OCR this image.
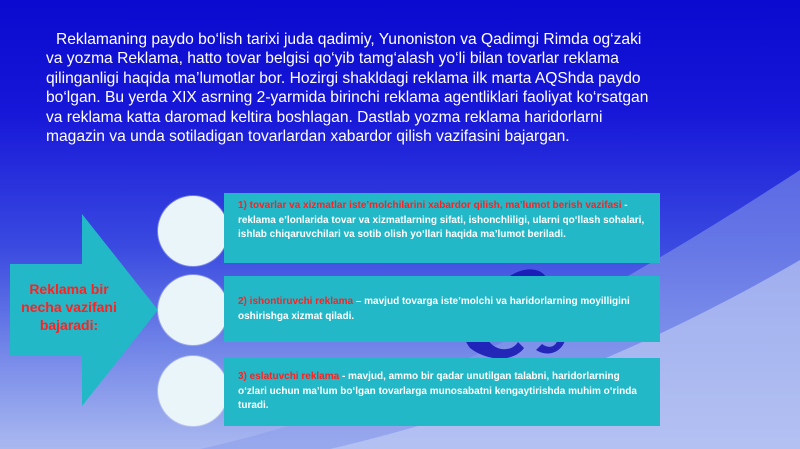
Reklamaning paydo bo‘lish tarixi juda qadimiy, Yunoniston va Qadimgi Rimda og‘zaki va yozma Reklama, hatto tovar belgisi qo‘yib tamg‘alash yo‘li bilan tovarlar reklama qilinganligi haqida ma’lumotlar bor. Hozirgi shakldagi reklama ilk marta AQShda paydo bo‘lgan. Bu yerda XIX asrning 2-yarmida birinchi reklama agentliklari faoliyat ko‘rsatgan va reklama katta daromad keltira boshlagan. Dastlab yozma reklama haridorlarni magazin va unda sotiladigan tovarlardan xabardor qilish vazifasini bajargan.

Reklama bir necha vazifani bajaradi:

1) tovarlar va xizmatlar iste’molchilarini xabardor qilish, ma’lumot berish vazifasi - reklama e’lonlarida tovar va xizmatlarning sifati, ishonchliligi, ularni qo‘llash sohalari, ishlab chiqaruvchilari va sotib olish yo‘llari haqida ma’lumot beriladi.

2) ishontiruvchi reklama – mavjud tovarga iste’molchi va haridorlarning moyilligini oshirishga xizmat qiladi.

3) eslatuvchi reklama - mavjud, ammo bir qadar unutilgan talabni, haridorlarning o‘zlari uchun ma’lum bo‘lgan tovarlarga munosabatni kengaytirishda muhim o‘rinda turadi.
